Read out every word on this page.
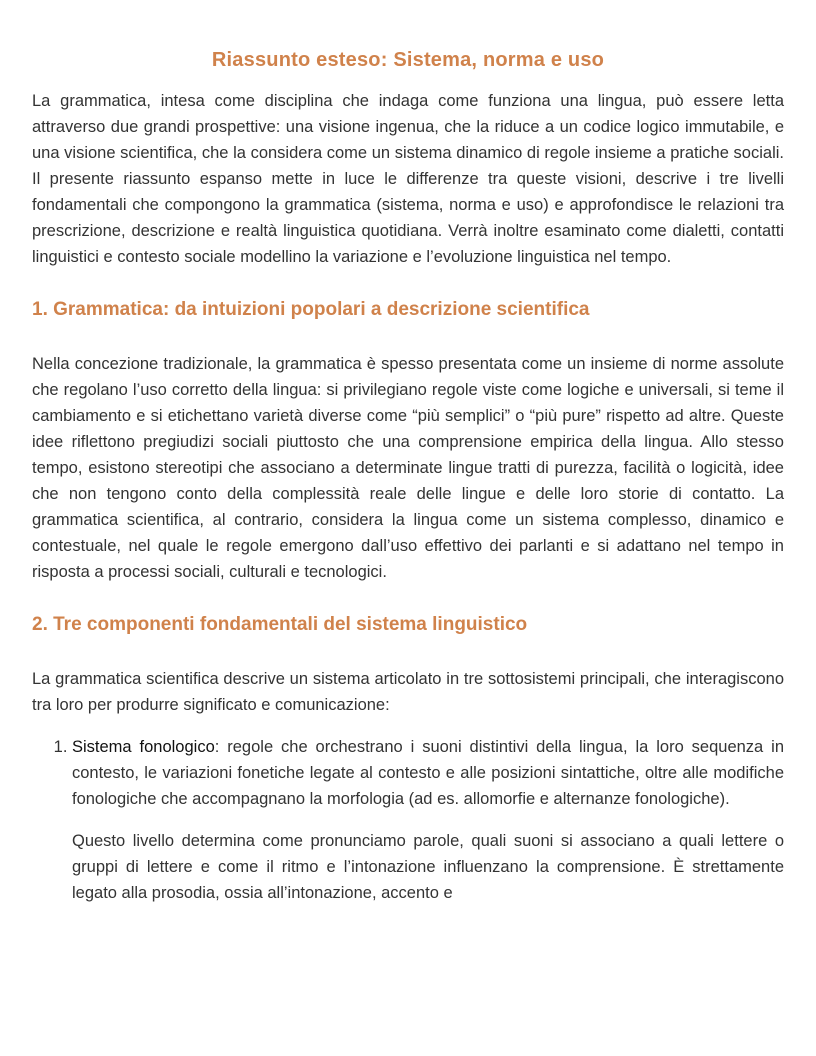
Riassunto esteso: Sistema, norma e uso

La grammatica, intesa come disciplina che indaga come funziona una lingua, può essere letta attraverso due grandi prospettive: una visione ingenua, che la riduce a un codice logico immutabile, e una visione scientifica, che la considera come un sistema dinamico di regole insieme a pratiche sociali. Il presente riassunto espanso mette in luce le differenze tra queste visioni, descrive i tre livelli fondamentali che compongono la grammatica (sistema, norma e uso) e approfondisce le relazioni tra prescrizione, descrizione e realtà linguistica quotidiana. Verrà inoltre esaminato come dialetti, contatti linguistici e contesto sociale modellino la variazione e l’evoluzione linguistica nel tempo.

1. Grammatica: da intuizioni popolari a descrizione scientifica

Nella concezione tradizionale, la grammatica è spesso presentata come un insieme di norme assolute che regolano l’uso corretto della lingua: si privilegiano regole viste come logiche e universali, si teme il cambiamento e si etichettano varietà diverse come “più semplici” o “più pure” rispetto ad altre. Queste idee riflettono pregiudizi sociali piuttosto che una comprensione empirica della lingua. Allo stesso tempo, esistono stereotipi che associano a determinate lingue tratti di purezza, facilità o logicità, idee che non tengono conto della complessità reale delle lingue e delle loro storie di contatto. La grammatica scientifica, al contrario, considera la lingua come un sistema complesso, dinamico e contestuale, nel quale le regole emergono dall’uso effettivo dei parlanti e si adattano nel tempo in risposta a processi sociali, culturali e tecnologici.

2. Tre componenti fondamentali del sistema linguistico

La grammatica scientifica descrive un sistema articolato in tre sottosistemi principali, che interagiscono tra loro per produrre significato e comunicazione:

1. Sistema fonologico: regole che orchestrano i suoni distintivi della lingua, la loro sequenza in contesto, le variazioni fonetiche legate al contesto e alle posizioni sintattiche, oltre alle modifiche fonologiche che accompagnano la morfologia (ad es. allomorfie e alternanze fonologiche).

Questo livello determina come pronunciamo parole, quali suoni si associano a quali lettere o gruppi di lettere e come il ritmo e l’intonazione influenzano la comprensione. È strettamente legato alla prosodia, ossia all’intonazione, accento e
